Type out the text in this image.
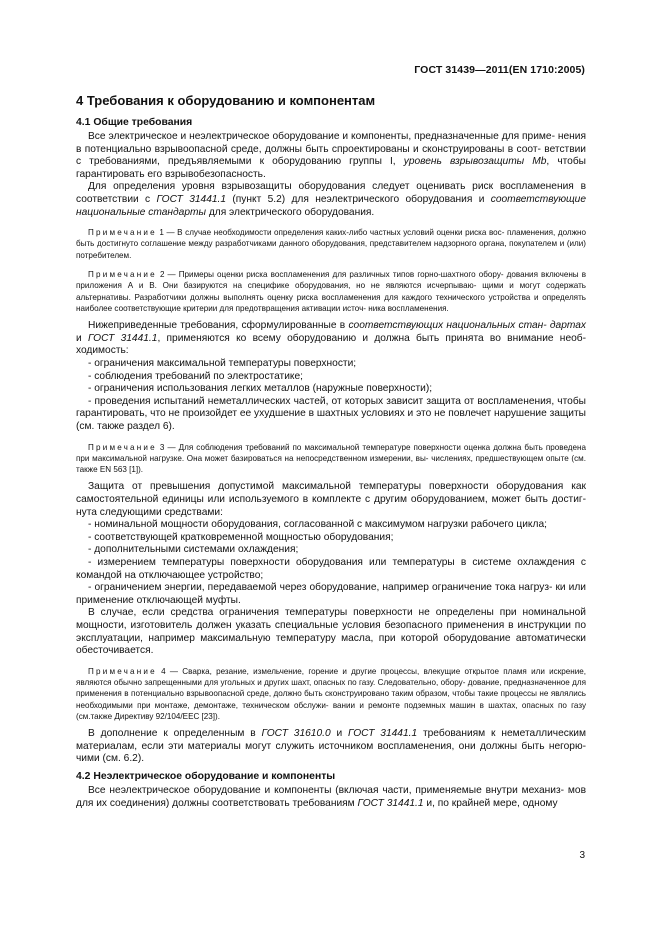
ГОСТ 31439—2011(EN 1710:2005)
4 Требования к оборудованию и компонентам
4.1 Общие требования

Все электрическое и неэлектрическое оборудование и компоненты, предназначенные для приме- нения в потенциально взрывоопасной среде, должны быть спроектированы и сконструированы в соот- ветствии с требованиями, предъявляемыми к оборудованию группы I, уровень взрывозащиты Mb, чтобы гарантировать его взрывобезопасность.

Для определения уровня взрывозащиты оборудования следует оценивать риск воспламенения в соответствии с ГОСТ 31441.1 (пункт 5.2) для неэлектрического оборудования и соответствующие национальные стандарты для электрического оборудования.

Примечание 1 — В случае необходимости определения каких-либо частных условий оценки риска вос- пламенения, должно быть достигнуто соглашение между разработчиками данного оборудования, представителем надзорного органа, покупателем и (или) потребителем.
Примечание 2 — Примеры оценки риска воспламенения для различных типов горно-шахтного обору- дования включены в приложения А и В. Они базируются на специфике оборудования, но не являются исчерпываю- щими и могут содержать альтернативы. Разработчики должны выполнять оценку риска воспламенения для каждого технического устройства и определять наиболее соответствующие критерии для предотвращения активации источ- ника воспламенения.

Нижеприведенные требования, сформулированные в соответствующих национальных стан- дартах и ГОСТ 31441.1, применяются ко всему оборудованию и должна быть принята во внимание необ- ходимость:

- ограничения максимальной температуры поверхности;

- соблюдения требований по электростатике;

- ограничения использования легких металлов (наружные поверхности);

- проведения испытаний неметаллических частей, от которых зависит защита от воспламенения, чтобы гарантировать, что не произойдет ее ухудшение в шахтных условиях и это не повлечет нарушение защиты (см. также раздел 6).

Примечание 3 — Для соблюдения требований по максимальной температуре поверхности оценка должна быть проведена при максимальной нагрузке. Она может базироваться на непосредственном измерении, вы- числениях, предшествующем опыте (см. также EN 563 [1]).

Защита от превышения допустимой максимальной температуры поверхности оборудования как самостоятельной единицы или используемого в комплекте с другим оборудованием, может быть достиг- нута следующими средствами:

- номинальной мощности оборудования, согласованной с максимумом нагрузки рабочего цикла;

- соответствующей кратковременной мощностью оборудования;

- дополнительными системами охлаждения;

- измерением температуры поверхности оборудования или температуры в системе охлаждения с командой на отключающее устройство;

- ограничением энергии, передаваемой через оборудование, например ограничение тока нагруз- ки или применение отключающей муфты.

В случае, если средства ограничения температуры поверхности не определены при номинальной мощности, изготовитель должен указать специальные условия безопасного применения в инструкции по эксплуатации, например максимальную температуру масла, при которой оборудование автоматически обесточивается.

Примечание 4 — Сварка, резание, измельчение, горение и другие процессы, влекущие открытое пламя или искрение, являются обычно запрещенными для угольных и других шахт, опасных по газу. Следовательно, обору- дование, предназначенное для применения в потенциально взрывоопасной среде, должно быть сконструировано таким образом, чтобы такие процессы не являлись необходимыми при монтаже, демонтаже, техническом обслужи- вании и ремонте подземных машин в шахтах, опасных по газу (см.также Директиву 92/104/ЕЕС [23]).

В дополнение к определенным в ГОСТ 31610.0 и ГОСТ 31441.1 требованиям к неметаллическим материалам, если эти материалы могут служить источником воспламенения, они должны быть негорю- чими (см. 6.2).

4.2 Неэлектрическое оборудование и компоненты

Все неэлектрическое оборудование и компоненты (включая части, применяемые внутри механиз- мов для их соединения) должны соответствовать требованиям ГОСТ 31441.1 и, по крайней мере, одному

3
